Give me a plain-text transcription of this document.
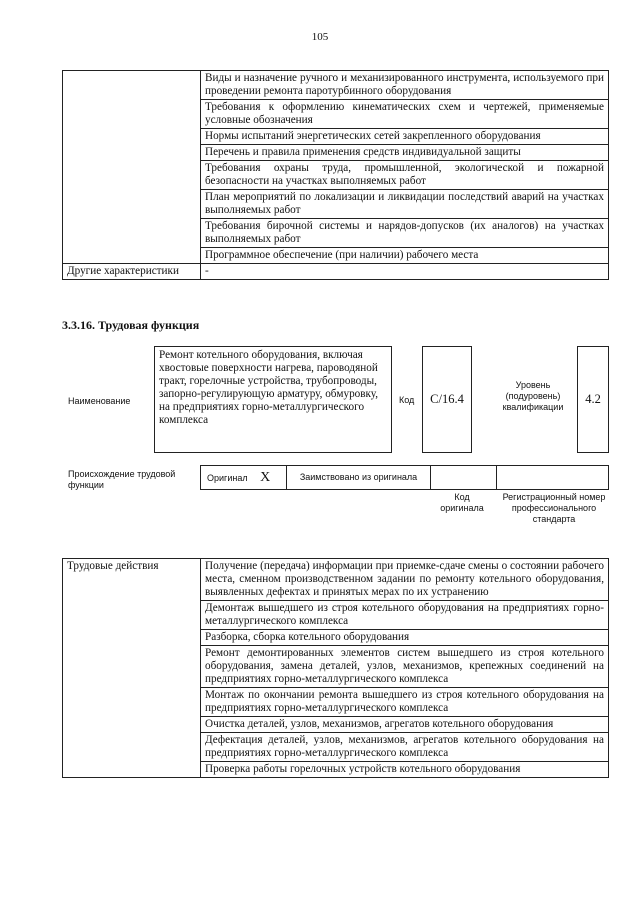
105
	Виды и назначение ручного и механизированного инструмента, используемого при проведении ремонта паротурбинного оборудования
	Требования к оформлению кинематических схем и чертежей, применяемые условные обозначения
	Нормы испытаний энергетических сетей закрепленного оборудования
	Перечень и правила применения средств индивидуальной защиты
	Требования охраны труда, промышленной, экологической и пожарной безопасности на участках выполняемых работ
	План мероприятий по локализации и ликвидации последствий аварий на участках выполняемых работ
	Требования бирочной системы и нарядов-допусков (их аналогов) на участках выполняемых работ
	Программное обеспечение (при наличии) рабочего места
Другие характеристики	-
3.3.16. Трудовая функция
Наименование
Ремонт котельного оборудования, включая хвостовые поверхности нагрева, пароводяной тракт, горелочные устройства, трубопроводы, запорно-регулирующую арматуру, обмуровку, на предприятиях горно-металлургического комплекса
Код	С/16.4
Уровень (подуровень) квалификации
4.2
Происхождение трудовой функции
Оригинал X	Заимствовано из оригинала		
Код оригинала
Регистрационный номер профессионального стандарта
Трудовые действия	Получение (передача) информации при приемке-сдаче смены о состоянии рабочего места, сменном производственном задании по ремонту котельного оборудования, выявленных дефектах и принятых мерах по их устранению
Демонтаж вышедшего из строя котельного оборудования на предприятиях горно-металлургического комплекса
Разборка, сборка котельного оборудования
Ремонт демонтированных элементов систем вышедшего из строя котельного оборудования, замена деталей, узлов, механизмов, крепежных соединений на предприятиях горно-металлургического комплекса
Монтаж по окончании ремонта вышедшего из строя котельного оборудования на предприятиях горно-металлургического комплекса
Очистка деталей, узлов, механизмов, агрегатов котельного оборудования
Дефектация деталей, узлов, механизмов, агрегатов котельного оборудования на предприятиях горно-металлургического комплекса
Проверка работы горелочных устройств котельного оборудования
